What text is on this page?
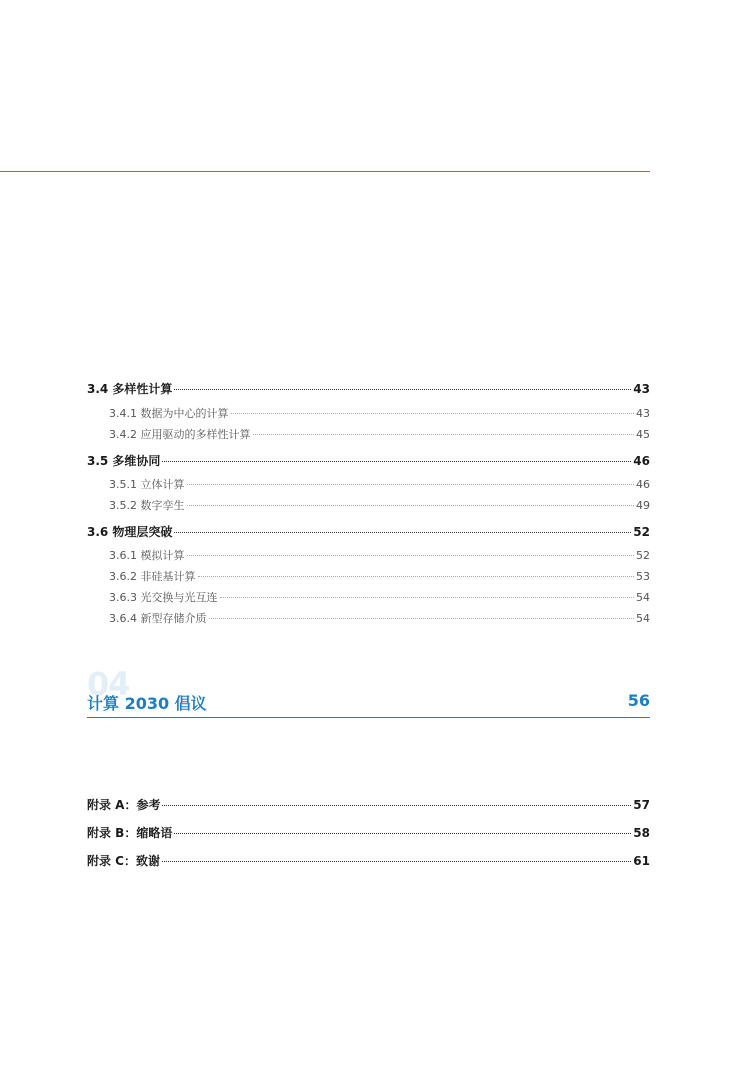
3.4 多样性计算	43
3.4.1 数据为中心的计算	43
3.4.2 应用驱动的多样性计算	45
3.5 多维协同	46
3.5.1 立体计算	46
3.5.2 数字孪生	49
3.6 物理层突破	52
3.6.1 模拟计算	52
3.6.2 非硅基计算	53
3.6.3 光交换与光互连	54
3.6.4 新型存储介质	54
04
计算 2030 倡议	56
附录 A：参考	57
附录 B：缩略语	58
附录 C：致谢	61
